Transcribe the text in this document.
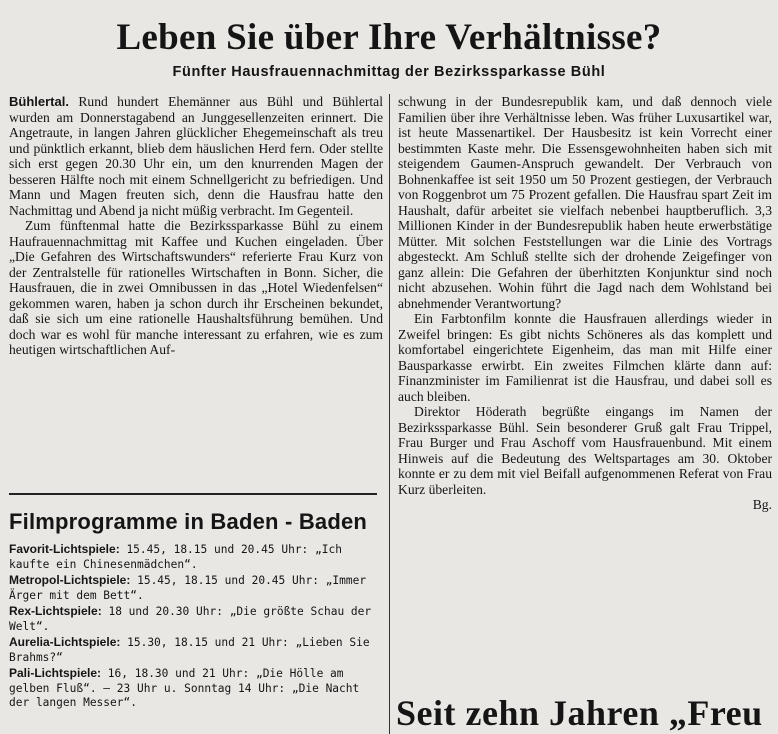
Leben Sie über Ihre Verhältnisse?
Fünfter Hausfrauennachmittag der Bezirkssparkasse Bühl

Bühlertal. Rund hundert Ehemänner aus Bühl und Bühlertal wurden am Donnerstagabend an Junggesellenzeiten erinnert. Die Angetraute, in langen Jahren glücklicher Ehegemeinschaft als treu und pünktlich erkannt, blieb dem häuslichen Herd fern. Oder stellte sich erst gegen 20.30 Uhr ein, um den knurrenden Magen der besseren Hälfte noch mit einem Schnellgericht zu befriedigen. Und Mann und Magen freuten sich, denn die Hausfrau hatte den Nachmittag und Abend ja nicht müßig verbracht. Im Gegenteil.

Zum fünftenmal hatte die Bezirkssparkasse Bühl zu einem Haufrauennachmittag mit Kaffee und Kuchen eingeladen. Über „Die Gefahren des Wirtschaftswunders“ referierte Frau Kurz von der Zentralstelle für rationelles Wirtschaften in Bonn. Sicher, die Hausfrauen, die in zwei Omnibussen in das „Hotel Wiedenfelsen“ gekommen waren, haben ja schon durch ihr Erscheinen bekundet, daß sie sich um eine rationelle Haushaltsführung bemühen. Und doch war es wohl für manche interessant zu erfahren, wie es zum heutigen wirtschaftlichen Auf-

schwung in der Bundesrepublik kam, und daß dennoch viele Familien über ihre Verhältnisse leben. Was früher Luxusartikel war, ist heute Massenartikel. Der Hausbesitz ist kein Vorrecht einer bestimmten Kaste mehr. Die Essensgewohnheiten haben sich mit steigendem Gaumen-Anspruch gewandelt. Der Verbrauch von Bohnenkaffee ist seit 1950 um 50 Prozent gestiegen, der Verbrauch von Roggenbrot um 75 Prozent gefallen. Die Hausfrau spart Zeit im Haushalt, dafür arbeitet sie vielfach nebenbei hauptberuflich. 3,3 Millionen Kinder in der Bundesrepublik haben heute erwerbstätige Mütter. Mit solchen Feststellungen war die Linie des Vortrags abgesteckt. Am Schluß stellte sich der drohende Zeigefinger von ganz allein: Die Gefahren der überhitzten Konjunktur sind noch nicht abzusehen. Wohin führt die Jagd nach dem Wohlstand bei abnehmender Verantwortung?

Ein Farbtonfilm konnte die Hausfrauen allerdings wieder in Zweifel bringen: Es gibt nichts Schöneres als das komplett und komfortabel eingerichtete Eigenheim, das man mit Hilfe einer Bausparkasse erwirbt. Ein zweites Filmchen klärte dann auf: Finanzminister im Familienrat ist die Hausfrau, und dabei soll es auch bleiben.

Direktor Höderath begrüßte eingangs im Namen der Bezirkssparkasse Bühl. Sein besonderer Gruß galt Frau Trippel, Frau Burger und Frau Aschoff vom Hausfrauenbund. Mit einem Hinweis auf die Bedeutung des Weltspartages am 30. Oktober konnte er zu dem mit viel Beifall aufgenommenen Referat von Frau Kurz überleiten.

Bg.
Filmprogramme in Baden - Baden
Favorit-Lichtspiele: 15.45, 18.15 und 20.45 Uhr: „Ich kaufte ein Chinesenmädchen“.
Metropol-Lichtspiele: 15.45, 18.15 und 20.45 Uhr: „Immer Ärger mit dem Bett“.
Rex-Lichtspiele: 18 und 20.30 Uhr: „Die größte Schau der Welt“.
Aurelia-Lichtspiele: 15.30, 18.15 und 21 Uhr: „Lieben Sie Brahms?“
Pali-Lichtspiele: 16, 18.30 und 21 Uhr: „Die Hölle am gelben Fluß“. — 23 Uhr u. Sonntag 14 Uhr: „Die Nacht der langen Messer“.	Seit zehn Jahren „Freu
